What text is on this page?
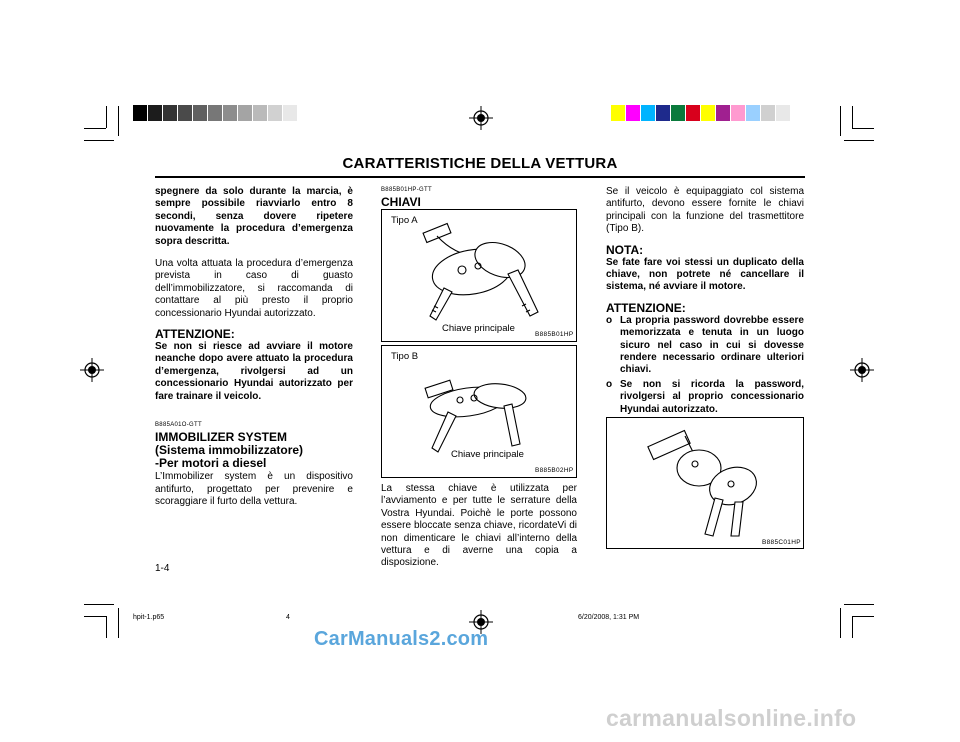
CARATTERISTICHE DELLA VETTURA

spegnere da solo durante la marcia, è sempre possibile riavviarlo entro 8 secondi, senza dovere ripetere nuovamente la procedura d’emergenza sopra descritta.

Una volta attuata la procedura d’emergenza prevista in caso di guasto dell’immobilizzatore, si raccomanda di contattare al più presto il proprio concessionario Hyundai autorizzato.

ATTENZIONE:

Se non si riesce ad avviare il motore neanche dopo avere attuato la procedura d’emergenza, rivolgersi ad un concessionario Hyundai autorizzato per fare trainare il veicolo.

B885A01O-GTT
IMMOBILIZER SYSTEM
(Sistema immobilizzatore)
-Per motori a diesel

L’Immobilizer system è un dispositivo antifurto, progettato per prevenire e scoraggiare il furto della vettura.

B885B01HP-GTT
CHIAVI
Tipo A
Chiave principale
B885B01HP
Tipo B
Chiave principale
B885B02HP

La stessa chiave è utilizzata per l’avviamento e per tutte le serrature della Vostra Hyundai. Poichè le porte possono essere bloccate senza chiave, ricordateVi di non dimenticare le chiavi all’interno della vettura e di averne una copia a disposizione.

Se il veicolo è equipaggiato col sistema antifurto, devono essere fornite le chiavi principali con la funzione del trasmettitore (Tipo B).

NOTA:

Se fate fare voi stessi un duplicato della chiave, non potrete né cancellare il sistema, né avviare il motore.

ATTENZIONE:
o La propria password dovrebbe essere memorizzata e tenuta in un luogo sicuro nel caso in cui si dovesse rendere necessario ordinare ulteriori chiavi.
o Se non si ricorda la password, rivolgersi al proprio concessionario Hyundai autorizzato.
B885C01HP
1-4
hpit-1.p65	4	6/20/2008, 1:31 PM
CarManuals2.com
carmanualsonline.info
